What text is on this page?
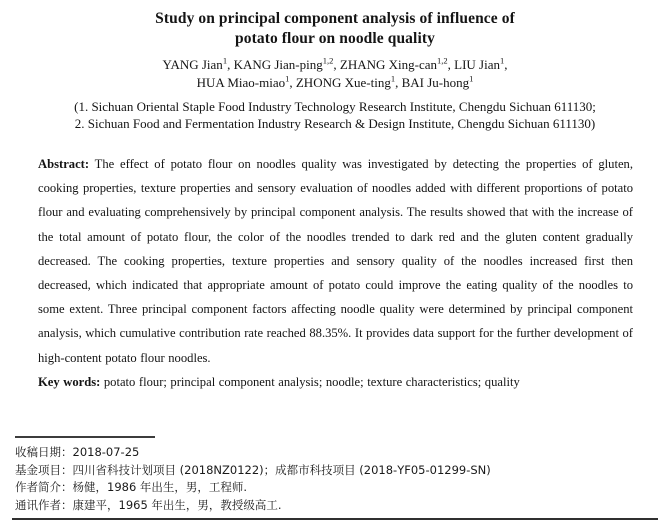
Study on principal component analysis of influence of
potato flour on noodle quality
YANG Jian$^1$, KANG Jian-ping$^{1,2}$, ZHANG Xing-can$^{1,2}$, LIU Jian$^1$,
HUA Miao-miao$^1$, ZHONG Xue-ting$^1$, BAI Ju-hong$^1$
(1. Sichuan Oriental Staple Food Industry Technology Research Institute, Chengdu Sichuan 611130;
2. Sichuan Food and Fermentation Industry Research & Design Institute, Chengdu Sichuan 611130)

Abstract: The effect of potato flour on noodles quality was investigated by detecting the properties of gluten, cooking properties, texture properties and sensory evaluation of noodles added with different proportions of potato flour and evaluating comprehensively by principal component analysis. The results showed that with the increase of the total amount of potato flour, the color of the noodles trended to dark red and the gluten content gradually decreased. The cooking properties, texture properties and sensory quality of the noodles increased first then decreased, which indicated that appropriate amount of potato could improve the eating quality of the noodles to some extent. Three principal component factors affecting noodle quality were determined by principal component analysis, which cumulative contribution rate reached 88.35%. It provides data support for the further development of high-content potato flour noodles.

Key words: potato flour; principal component analysis; noodle; texture characteristics; quality

收稿日期：2018-07-25
基金项目：四川省科技计划项目 (2018NZ0122)；成都市科技项目 (2018-YF05-01299-SN)
作者简介：杨健，1986 年出生，男，工程师.
通讯作者：康建平，1965 年出生，男，教授级高工.
